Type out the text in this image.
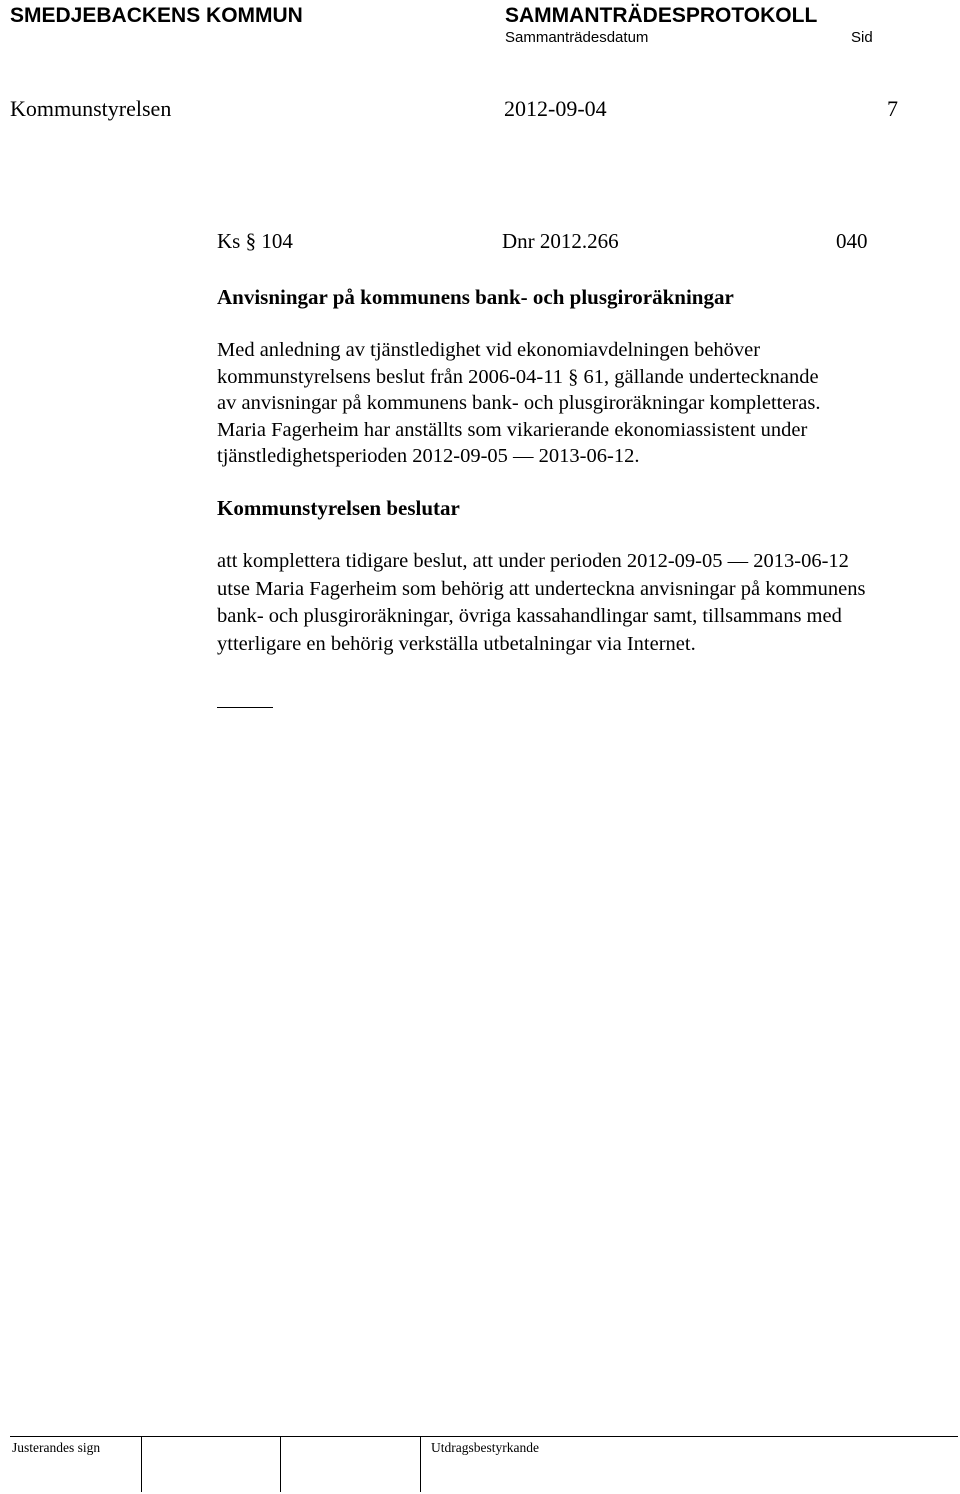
SMEDJEBACKENS KOMMUN	SAMMANTRÄDESPROTOKOLL
Sammanträdesdatum	Sid
Kommunstyrelsen	2012-09-04	7
Ks § 104	Dnr 2012.266	040
Anvisningar på kommunens bank- och plusgiroräkningar
Med anledning av tjänstledighet vid ekonomiavdelningen behöver
kommunstyrelsens beslut från 2006-04-11 § 61, gällande undertecknande
av anvisningar på kommunens bank- och plusgiroräkningar kompletteras.
Maria Fagerheim har anställts som vikarierande ekonomiassistent under
tjänstledighetsperioden 2012-09-05 — 2013-06-12.
Kommunstyrelsen beslutar
att komplettera tidigare beslut, att under perioden 2012-09-05 — 2013-06-12
utse Maria Fagerheim som behörig att underteckna anvisningar på kommunens
bank- och plusgiroräkningar, övriga kassahandlingar samt, tillsammans med
ytterligare en behörig verkställa utbetalningar via Internet.
Justerandes sign	Utdragsbestyrkande
